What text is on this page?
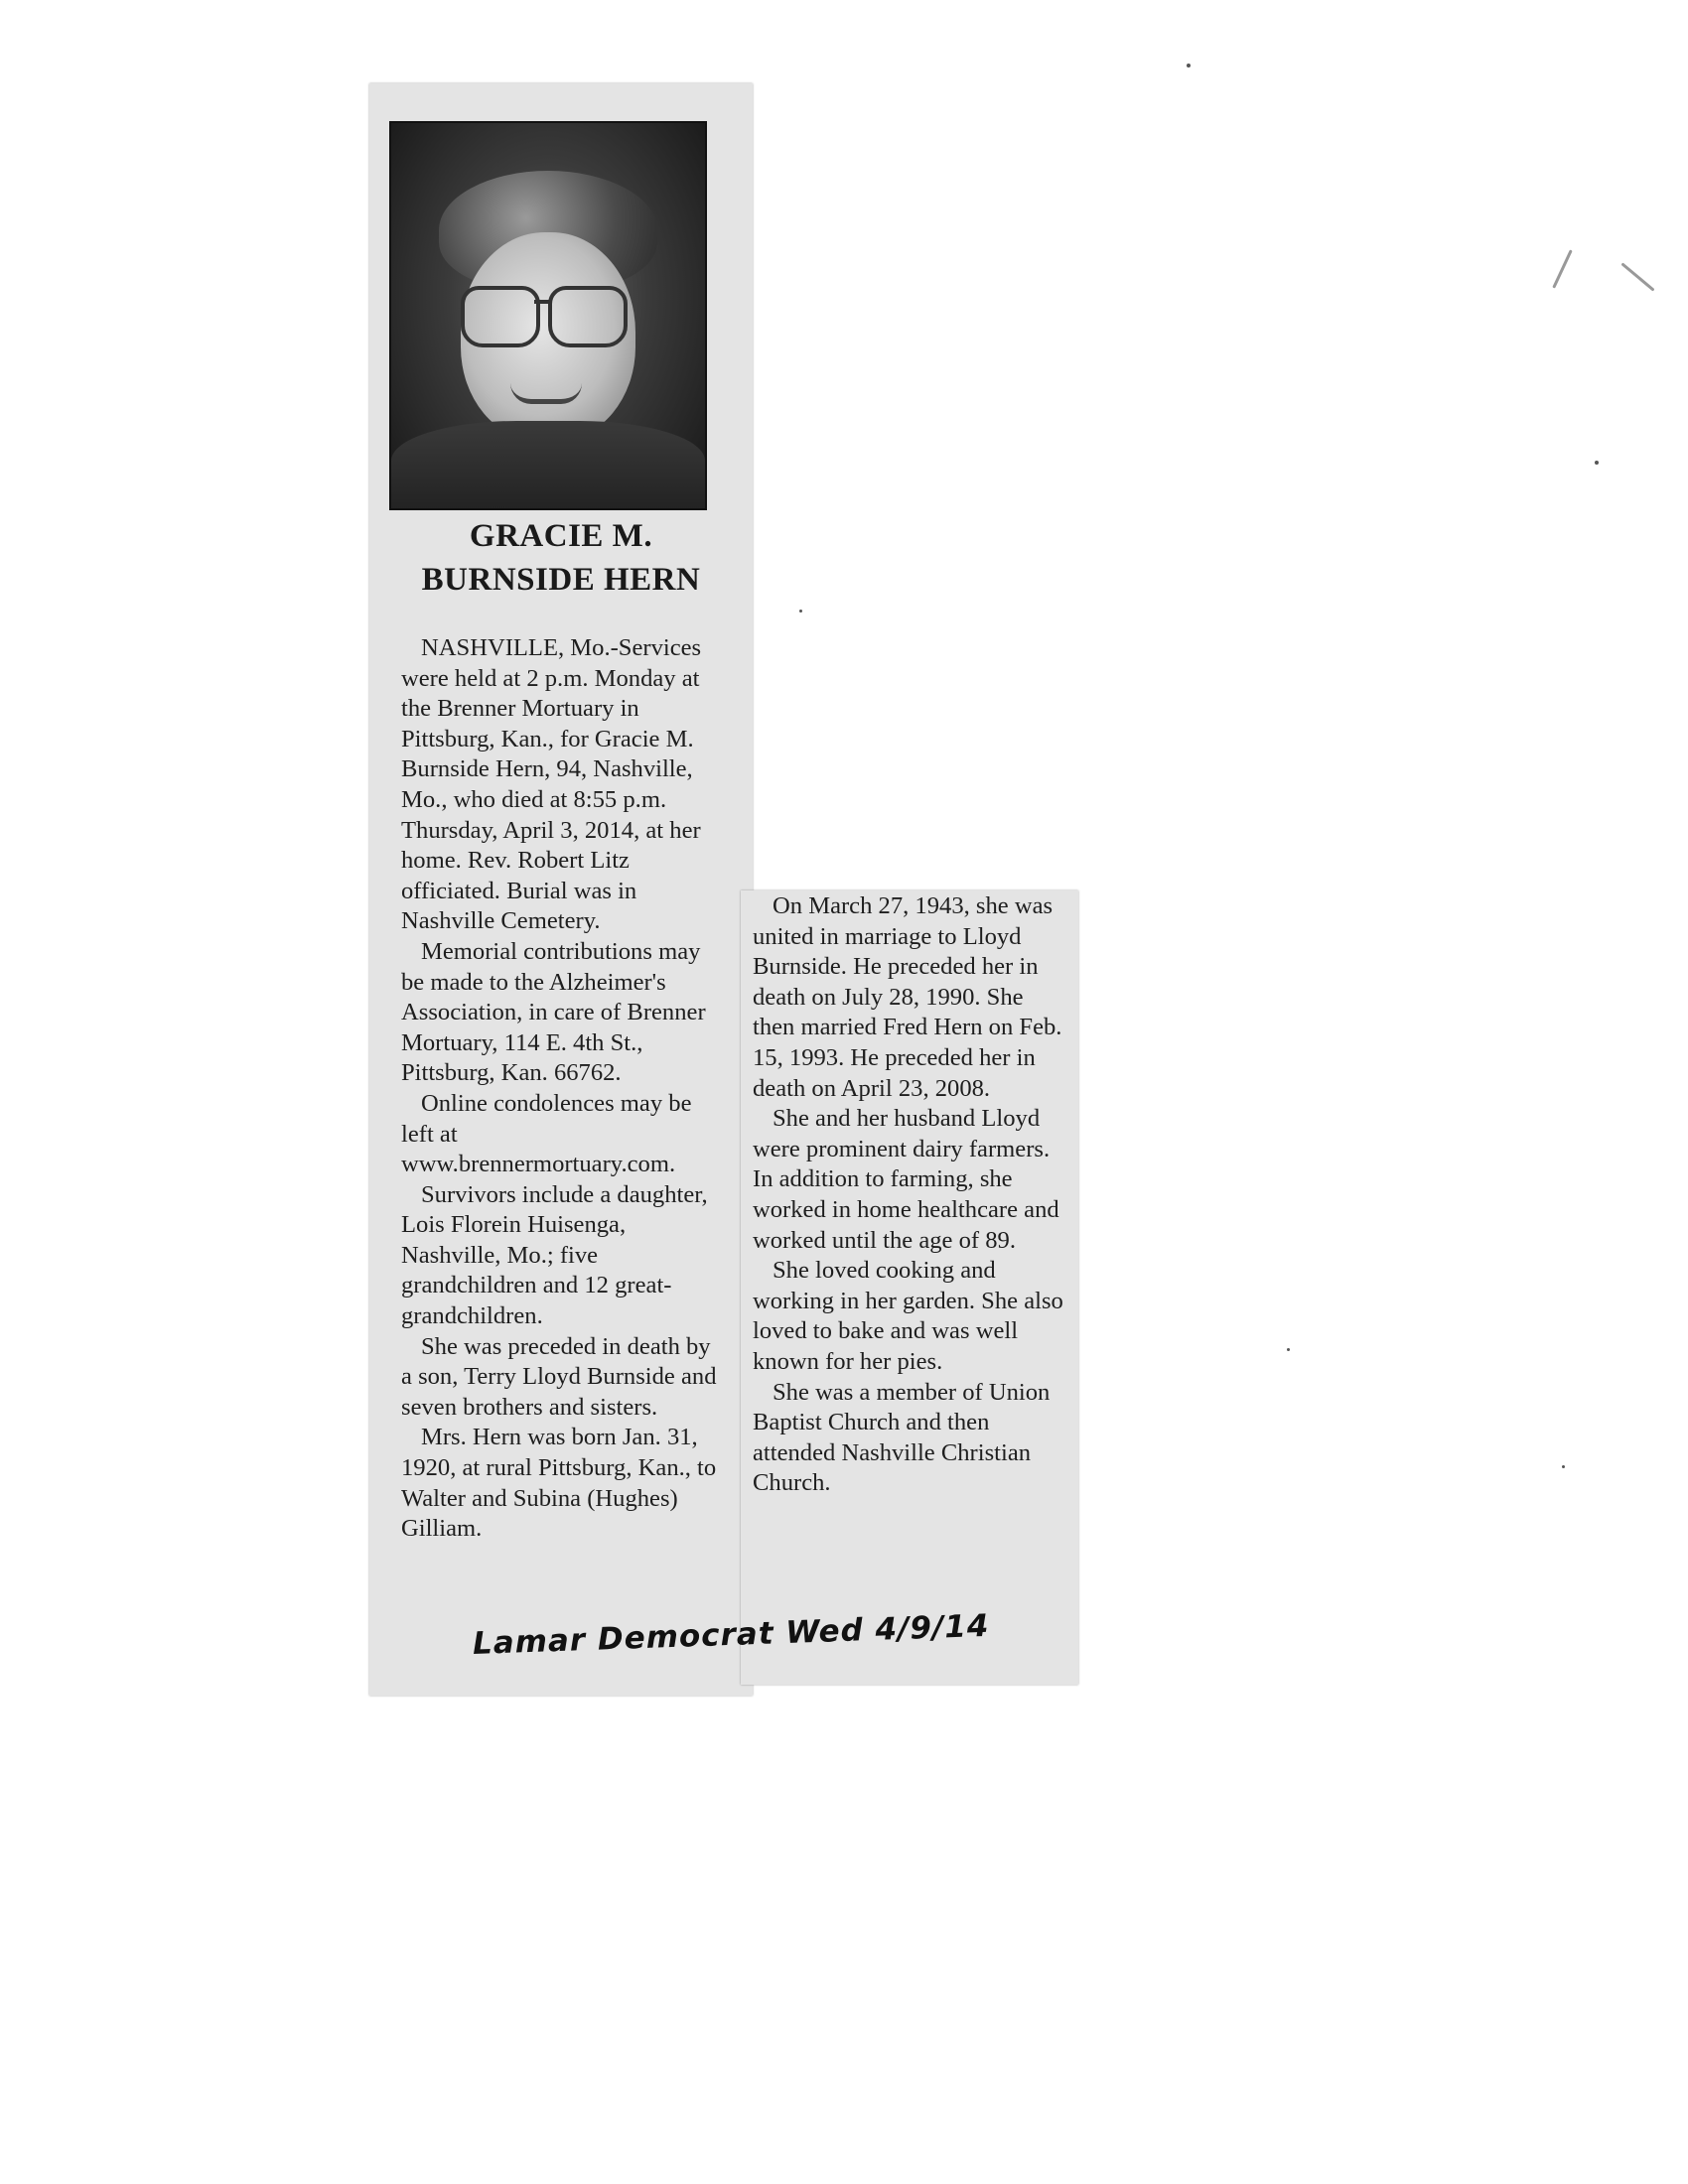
GRACIE M.
BURNSIDE HERN

NASHVILLE, Mo.-Services were held at 2 p.m. Monday at the Brenner Mortuary in Pittsburg, Kan., for Gracie M. Burnside Hern, 94, Nashville, Mo., who died at 8:55 p.m. Thursday, April 3, 2014, at her home. Rev. Robert Litz officiated. Burial was in Nashville Cemetery.

Memorial contributions may be made to the Alzheimer's Association, in care of Brenner Mortuary, 114 E. 4th St., Pittsburg, Kan. 66762.

Online condolences may be left at www.brennermortuary.com.

Survivors include a daughter, Lois Florein Huisenga, Nashville, Mo.; five grandchildren and 12 great-grandchildren.

She was preceded in death by a son, Terry Lloyd Burnside and seven brothers and sisters.

Mrs. Hern was born Jan. 31, 1920, at rural Pittsburg, Kan., to Walter and Subina (Hughes) Gilliam.

On March 27, 1943, she was united in marriage to Lloyd Burnside. He preceded her in death on July 28, 1990. She then married Fred Hern on Feb. 15, 1993. He preceded her in death on April 23, 2008.

She and her husband Lloyd were prominent dairy farmers. In addition to farming, she worked in home healthcare and worked until the age of 89.

She loved cooking and working in her garden. She also loved to bake and was well known for her pies.

She was a member of Union Baptist Church and then attended Nashville Christian Church.

Lamar Democrat Wed 4/9/14
